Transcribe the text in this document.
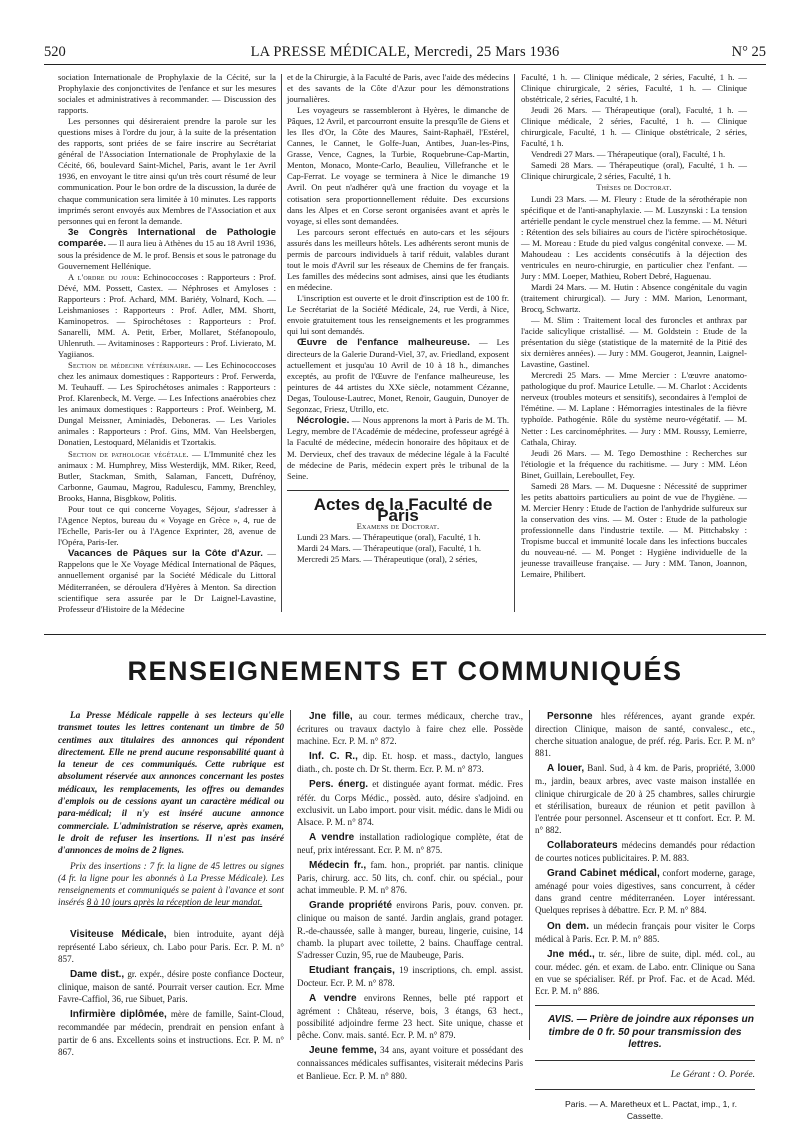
520	LA PRESSE MÉDICALE, Mercredi, 25 Mars 1936	N° 25

sociation Internationale de Prophylaxie de la Cécité, sur la Prophylaxie des conjonctivites de l'enfance et sur les mesures sociales et administratives à recommander. — Discussion des rapports.

Les personnes qui désireraient prendre la parole sur les questions mises à l'ordre du jour, à la suite de la présentation des rapports, sont priées de se faire inscrire au Secrétariat général de l'Association Internationale de Prophylaxie de la Cécité, 66, boulevard Saint-Michel, Paris, avant le 1er Avril 1936, en envoyant le titre ainsi qu'un très court résumé de leur communication. Pour le bon ordre de la discussion, la durée de chaque communication sera limitée à 10 minutes. Les rapports imprimés seront envoyés aux Membres de l'Association et aux personnes qui en feront la demande.

3e Congrès International de Pathologie comparée. — Il aura lieu à Athènes du 15 au 18 Avril 1936, sous la présidence de M. le prof. Bensis et sous le patronage du Gouvernement Hellénique.

A l'ordre du jour: Echinococcoses : Rapporteurs : Prof. Dévé, MM. Possett, Castex. — Néphroses et Amyloses : Rapporteurs : Prof. Achard, MM. Bariéty, Volnard, Koch. — Leishmanioses : Rapporteurs : Prof. Adler, MM. Shortt, Kaminopetros. — Spirochétoses : Rapporteurs : Prof. Sanarelli, MM. A. Petit, Erber, Mollaret, Stéfanopoulo, Uhlenruth. — Avitaminoses : Rapporteurs : Prof. Livierato, M. Yagiianos.

Section de médecine vétérinaire. — Les Echinococcoses chez les animaux domestiques : Rapporteurs : Prof. Ferwerda, M. Teuhauff. — Les Spirochétoses animales : Rapporteurs : Prof. Klarenbeck, M. Verge. — Les Infections anaérobies chez les animaux domestiques : Rapporteurs : Prof. Weinberg, M. Dungal Meissner, Aminiadès, Deboneras. — Les Varioles animales : Rapporteurs : Prof. Gins, MM. Van Heelsbergen, Donatien, Lestoquard, Mélanidis et Tzortakis.

Section de pathologie végétale. — L'Immunité chez les animaux : M. Humphrey, Miss Westerdijk, MM. Riker, Reed, Butler, Stackman, Smith, Salaman, Fancett, Dufrénoy, Carbonne, Gaumau, Magrou, Radulescu, Fammy, Brenchley, Brooks, Hanna, Bisgbkow, Politis.

Pour tout ce qui concerne Voyages, Séjour, s'adresser à l'Agence Neptos, bureau du « Voyage en Grèce », 4, rue de l'Echelle, Paris-Ier ou à l'Agence Exprinter, 28, avenue de l'Opéra, Paris-Ier.

Vacances de Pâques sur la Côte d'Azur. — Rappelons que le Xe Voyage Médical International de Pâques, annuellement organisé par la Société Médicale du Littoral Méditerranéen, se déroulera d'Hyères à Menton. Sa direction scientifique sera assurée par le Dr Laignel-Lavastine, Professeur d'Histoire de la Médecine

et de la Chirurgie, à la Faculté de Paris, avec l'aide des médecins et des savants de la Côte d'Azur pour les démonstrations journalières.

Les voyageurs se rassembleront à Hyères, le dimanche de Pâques, 12 Avril, et parcourront ensuite la presqu'île de Giens et les Iles d'Or, la Côte des Maures, Saint-Raphaël, l'Estérel, Cannes, le Cannet, le Golfe-Juan, Antibes, Juan-les-Pins, Grasse, Vence, Cagnes, la Turbie, Roquebrune-Cap-Martin, Menton, Monaco, Monte-Carlo, Beaulieu, Villefranche et le Cap-Ferrat. Le voyage se terminera à Nice le dimanche 19 Avril. On peut n'adhérer qu'à une fraction du voyage et la cotisation sera proportionnellement réduite. Des excursions dans les Alpes et en Corse seront organisées avant et après le voyage, si elles sont demandées.

Les parcours seront effectués en auto-cars et les séjours assurés dans les meilleurs hôtels. Les adhérents seront munis de permis de parcours individuels à tarif réduit, valables durant tout le mois d'Avril sur les réseaux de Chemins de fer français. Les familles des médecins sont admises, ainsi que les étudiants en médecine.

L'inscription est ouverte et le droit d'inscription est de 100 fr. Le Secrétariat de la Société Médicale, 24, rue Verdi, à Nice, envoie gratuitement tous les renseignements et les programmes qui lui sont demandés.

Œuvre de l'enfance malheureuse. — Les directeurs de la Galerie Durand-Viel, 37, av. Friedland, exposent actuellement et jusqu'au 10 Avril de 10 à 18 h., dimanches exceptés, au profit de l'Œuvre de l'enfance malheureuse, les peintures de 44 artistes du XXe siècle, notamment Cézanne, Degas, Toulouse-Lautrec, Monet, Renoir, Gauguin, Dunoyer de Segonzac, Friesz, Utrillo, etc.

Nécrologie. — Nous apprenons la mort à Paris de M. Th. Legry, membre de l'Académie de médecine, professeur agrégé à la Faculté de médecine, médecin honoraire des hôpitaux et de M. Dervieux, chef des travaux de médecine légale à la Faculté de médecine de Paris, médecin expert près le tribunal de la Seine.

Actes de la Faculté de Paris

Examens de Doctorat.

Lundi 23 Mars. — Thérapeutique (oral), Faculté, 1 h.

Mardi 24 Mars. — Thérapeutique (oral), Faculté, 1 h.

Mercredi 25 Mars. — Thérapeutique (oral), 2 séries,

Faculté, 1 h. — Clinique médicale, 2 séries, Faculté, 1 h. — Clinique chirurgicale, 2 séries, Faculté, 1 h. — Clinique obstétricale, 2 séries, Faculté, 1 h.

Jeudi 26 Mars. — Thérapeutique (oral), Faculté, 1 h. — Clinique médicale, 2 séries, Faculté, 1 h. — Clinique chirurgicale, Faculté, 1 h. — Clinique obstétricale, 2 séries, Faculté, 1 h.

Vendredi 27 Mars. — Thérapeutique (oral), Faculté, 1 h.

Samedi 28 Mars. — Thérapeutique (oral), Faculté, 1 h. — Clinique chirurgicale, 2 séries, Faculté, 1 h.

Thèses de Doctorat.

Lundi 23 Mars. — M. Fleury : Etude de la sérothérapie non spécifique et de l'anti-anaphylaxie. — M. Luszynski : La tension artérielle pendant le cycle menstruel chez la femme. — M. Néturi : Rétention des sels biliaires au cours de l'ictère spirochétosique. — M. Moreau : Etude du pied valgus congénital convexe. — M. Mahoudeau : Les accidents consécutifs à la déjection des ventricules en neuro-chirurgie, en particulier chez l'enfant. — Jury : MM. Loeper, Mathieu, Robert Debré, Haguenau.

Mardi 24 Mars. — M. Hutin : Absence congénitale du vagin (traitement chirurgical). — Jury : MM. Marion, Lenormant, Brocq, Schwartz.

— M. Slim : Traitement local des furoncles et anthrax par l'acide salicylique cristallisé. — M. Goldstein : Etude de la présentation du siège (statistique de la maternité de la Pitié des six dernières années). — Jury : MM. Gougerot, Jeannin, Laignel-Lavastine, Gastinel.

Mercredi 25 Mars. — Mme Mercier : L'œuvre anatomo-pathologique du prof. Maurice Letulle. — M. Charlot : Accidents nerveux (troubles moteurs et sensitifs), secondaires à l'emploi de l'émétine. — M. Laplane : Hémorragies intestinales de la fièvre typhoïde. Pathogénie. Rôle du système neuro-végétatif. — M. Netter : Les carcinoméphrites. — Jury : MM. Roussy, Lemierre, Cathala, Chiray.

Jeudi 26 Mars. — M. Tego Demosthine : Recherches sur l'étiologie et la fréquence du rachitisme. — Jury : MM. Léon Binet, Guillain, Lereboullet, Fey.

Samedi 28 Mars. — M. Duquesne : Nécessité de supprimer les petits abattoirs particuliers au point de vue de l'hygiène. — M. Mercier Henry : Etude de l'action de l'anhydride sulfureux sur la conservation des vins. — M. Oster : Etude de la pathologie professionnelle dans l'industrie textile. — M. Pittchabsky : Tropisme buccal et immunité locale dans les infections buccales du nouveau-né. — M. Ponget : Hygiène individuelle de la jeunesse travailleuse française. — Jury : MM. Tanon, Joannon, Lemaire, Philibert.

RENSEIGNEMENTS ET COMMUNIQUÉS

La Presse Médicale rappelle à ses lecteurs qu'elle transmet toutes les lettres contenant un timbre de 50 centimes aux titulaires des annonces qui répondent directement. Elle ne prend aucune responsabilité quant à la teneur de ces communiqués. Cette rubrique est absolument réservée aux annonces concernant les postes médicaux, les remplacements, les offres ou demandes d'emplois ou de cessions ayant un caractère médical ou para-médical; il n'y est inséré aucune annonce commerciale. L'administration se réserve, après examen, le droit de refuser les insertions. Il n'est pas inséré d'annonces de moins de 2 lignes.

Prix des insertions : 7 fr. la ligne de 45 lettres ou signes (4 fr. la ligne pour les abonnés à La Presse Médicale). Les renseignements et communiqués se paient à l'avance et sont insérés 8 à 10 jours après la réception de leur mandat.

Visiteuse Médicale, bien introduite, ayant déjà représenté Labo sérieux, ch. Labo pour Paris. Ecr. P. M. n° 857.

Dame dist., gr. expér., désire poste confiance Docteur, clinique, maison de santé. Pourrait verser caution. Ecr. Mme Favre-Caffiol, 36, rue Sibuet, Paris.

Infirmière diplômée, mère de famille, Saint-Cloud, recommandée par médecin, prendrait en pension enfant à partir de 6 ans. Excellents soins et instructions. Ecr. P. M. n° 867.

Jne fille, au cour. termes médicaux, cherche trav., écritures ou travaux dactylo à faire chez elle. Possède machine. Ecr. P. M. n° 872.

Inf. C. R., dip. Et. hosp. et mass., dactylo, langues diath., ch. poste ch. Dr St. therm. Ecr. P. M. n° 873.

Pers. énerg. et distinguée ayant format. médic. Fres référ. du Corps Médic., possèd. auto, désire s'adjoind. en exclusivit. un Labo import. pour visit. médic. dans le Midi ou Alsace. P. M. n° 874.

A vendre installation radiologique complète, état de neuf, prix intéressant. Ecr. P. M. n° 875.

Médecin fr., fam. hon., propriét. par nantis. clinique Paris, chirurg. acc. 50 lits, ch. conf. chir. ou spécial., pour achat immeuble. P. M. n° 876.

Grande propriété environs Paris, pouv. conven. pr. clinique ou maison de santé. Jardin anglais, grand potager. R.-de-chaussée, salle à manger, bureau, lingerie, cuisine, 14 chamb. la plupart avec toilette, 2 bains. Chauffage central. S'adresser Cuzin, 95, rue de Maubeuge, Paris.

Etudiant français, 19 inscriptions, ch. empl. assist. Docteur. Ecr. P. M. n° 878.

A vendre environs Rennes, belle pté rapport et agrément : Château, réserve, bois, 3 étangs, 63 hect., possibilité adjoindre ferme 23 hect. Site unique, chasse et pêche. Conv. mais. santé. Ecr. P. M. n° 879.

Jeune femme, 34 ans, ayant voiture et possédant des connaissances médicales suffisantes, visiterait médecins Paris et Banlieue. Ecr. P. M. n° 880.

Personne hles références, ayant grande expér. direction Clinique, maison de santé, convalesc., etc., cherche situation analogue, de préf. rég. Paris. Ecr. P. M. n° 881.

A louer, Banl. Sud, à 4 km. de Paris, propriété, 3.000 m., jardin, beaux arbres, avec vaste maison installée en clinique chirurgicale de 20 à 25 chambres, salles chirurgie et stérilisation, bureaux de réunion et petit pavillon à l'entrée pour personnel. Ascenseur et tt confort. Ecr. P. M. n° 882.

Collaborateurs médecins demandés pour rédaction de courtes notices publicitaires. P. M. 883.

Grand Cabinet médical, confort moderne, garage, aménagé pour voies digestives, sans concurrent, à céder dans grand centre méditerranéen. Loyer intéressant. Quelques reprises à débattre. Ecr. P. M. n° 884.

On dem. un médecin français pour visiter le Corps médical à Paris. Ecr. P. M. n° 885.

Jne méd., tr. sér., libre de suite, dipl. méd. col., au cour. médec. gén. et exam. de Labo. entr. Clinique ou Sana en vue se spécialiser. Réf. pr Prof. Fac. et de Acad. Méd. Ecr. P. M. n° 886.

AVIS. — Prière de joindre aux réponses un timbre de 0 fr. 50 pour transmission des lettres.

Le Gérant : O. Porée.

Paris. — A. Maretheux et L. Pactat, imp., 1, r. Cassette.
